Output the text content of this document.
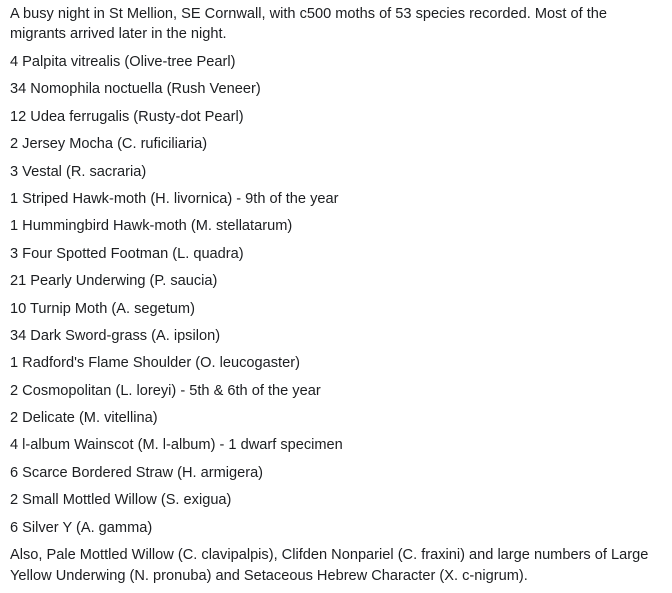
A busy night in St Mellion, SE Cornwall, with c500 moths of 53 species recorded. Most of the migrants arrived later in the night.

4 Palpita vitrealis (Olive-tree Pearl)
34 Nomophila noctuella (Rush Veneer)
12 Udea ferrugalis (Rusty-dot Pearl)
2 Jersey Mocha (C. ruficiliaria)
3 Vestal (R. sacraria)
1 Striped Hawk-moth (H. livornica) - 9th of the year
1 Hummingbird Hawk-moth (M. stellatarum)
3 Four Spotted Footman (L. quadra)
21 Pearly Underwing (P. saucia)
10 Turnip Moth (A. segetum)
34 Dark Sword-grass (A. ipsilon)
1 Radford's Flame Shoulder (O. leucogaster)
2 Cosmopolitan (L. loreyi) - 5th & 6th of the year
2 Delicate (M. vitellina)
4 l-album Wainscot (M. l-album) - 1 dwarf specimen
6 Scarce Bordered Straw (H. armigera)
2 Small Mottled Willow (S. exigua)
6 Silver Y (A. gamma)

Also, Pale Mottled Willow (C. clavipalpis), Clifden Nonpariel (C. fraxini) and large numbers of Large Yellow Underwing (N. pronuba) and Setaceous Hebrew Character (X. c-nigrum).
